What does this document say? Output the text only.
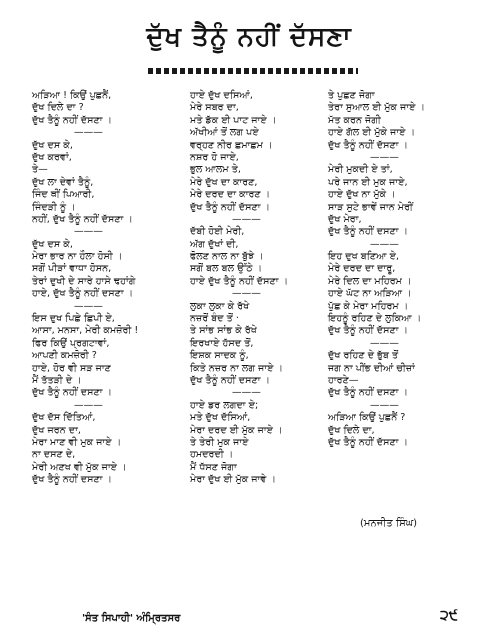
ਦੁੱਖ ਤੈਨੂੰ ਨਹੀਂ ਦੱਸਣਾ
ਅੜਿਆ ! ਕਿਉਂ ਪੁਛਨੈਂ,
ਦੁੱਖ ਦਿਲੇ ਦਾ ?
ਦੁੱਖ ਤੈਨੂੰ ਨਹੀਂ ਦੱਸਣਾ ।
———
ਦੁੱਖ ਦਸ ਕੇ,
ਦੁੱਖ ਕਰਵਾਂ,
ਤੇ—
ਦੁੱਖ ਲਾ ਦੇਵਾਂ ਤੈਨੂੰ,
ਜਿੰਦ ਥੀਂ ਪਿਆਰੀ,
ਜਿੰਦੜੀ ਨੂੰ ।
ਨਹੀਂ, ਦੁੱਖ ਤੈਨੂੰ ਨਹੀਂ ਦੱਸਣਾ ।
———
ਦੁੱਖ ਦਸ ਕੇ,
ਮੇਰਾ ਭਾਰ ਨਾ ਹੌਲਾ ਹੋਸੀ ।
ਸਗੋਂ ਪੀੜਾਂ ਵਾਧਾ ਹੋਸਨ,
ਤੇਰਾਂ ਦੁਖੀ ਦੇ ਸਾਰੇ ਹਾਸੇ ਢਹਾਂਗੇ
ਹਾਏ, ਦੁੱਖ ਤੈਨੂੰ ਨਹੀਂ ਦਸਣਾ ।
———
ਇਸ ਦੁਖ ਪਿਛੇ ਛਿਪੀ ਏ,
ਆਸਾ, ਮਨਸਾ, ਮੇਰੀ ਕਮਜ਼ੋਰੀ !
ਫਿਰ ਕਿਉਂ ਪ੍ਰਗਟਾਵਾਂ,
ਆਪਣੀ ਕਮਜ਼ੋਰੀ ?
ਹਾਏ, ਹੋਰ ਵੀ ਸੜ ਜਾਣ
ਮੈਂ ਤੱਤੜੀ ਦੇ ।
ਦੁੱਖ ਤੈਨੂੰ ਨਹੀਂ ਦਸਣਾ ।
———
ਦੁੱਖ ਦੱਸ ਦਿੱਤਿਆਂ,
ਦੁੱਖ ਜਰਨ ਦਾ,
ਮੇਰਾ ਮਾਣ ਵੀ ਮੁਕ ਜਾਏ ।
ਨਾ ਦਸਣ ਦੇ,
ਮੇਰੀ ਅਣਖ ਵੀ ਮੁੱਕ ਜਾਏ ।
ਦੁੱਖ ਤੈਨੂੰ ਨਹੀਂ ਦਸਣਾ ।
ਹਾਏ ਦੁੱਖ ਦਸਿਆਂ,
ਮੇਰੇ ਸਬਰ ਦਾ,
ਮਤੇ ਡੱਕ ਈ ਪਾਟ ਜਾਏ ।
ਅੱਖੀਆਂ ਤੋਂ ਲਗ ਪਏ
ਵਰ੍ਹਣ ਨੀਰ ਛਮਾਛਮ ।
ਨਸ਼ਰ ਹੋ ਜਾਏ,
ਭੁਲ ਆਲਮ ਤੇ,
ਮੇਰੇ ਦੁੱਖ ਦਾ ਕਾਰਣ,
ਮੇਰੇ ਦਰਦ ਦਾ ਕਾਰਣ ।
ਦੁੱਖ ਤੈਨੂੰ ਨਹੀਂ ਦੱਸਣਾ ।
———
ਦੱਬੀ ਹੋਈ ਮੇਰੀ,
ਅੱਗ ਦੁੱਖਾਂ ਦੀ,
ਫੋਲਣ ਨਾਲ ਨਾ ਬੁੱਝੇ ।
ਸਗੋਂ ਬਲ ਬਲ ਉੱਠੇ ।
ਹਾਏ ਦੁੱਖ ਤੈਨੂੰ ਨਹੀਂ ਦੱਸਣਾ ।
———
ਲੁਕਾ ਲੁਕਾ ਕੇ ਰੱਖੇ
ਨਜ਼ਰੋਂ ਬੰਦ ਤੋਂ ·
ਤੇ ਸਾਂਭ ਸਾਂਭ ਕੇ ਰੱਖੇ
ਇਰਖਾਏ ਹੱਸਦ ਤੋਂ,
ਇਸ਼ਕ ਸਾਦਕ ਨੂੰ,
ਕਿਤੇ ਨਜ਼ਰ ਨਾ ਲਗ ਜਾਏ ।
ਦੁੱਖ ਤੈਨੂੰ ਨਹੀਂ ਦਸਣਾ ।
———
ਹਾਏ ਡਰ ਲਗਦਾ ਏ;
ਮਤੇ ਦੁੱਖ ਦੱਸਿਆਂ,
ਮੇਰਾ ਦਰਦ ਈ ਮੁੱਕ ਜਾਏ ।
ਤੇ ਤੇਰੀ ਮੁਕ ਜਾਏ
ਹਮਦਰਦੀ ।
ਮੈਂ ਧੱਸਣ ਜੋਗਾ
ਮੇਰਾ ਦੁੱਖ ਈ ਮੁੱਕ ਜਾਵੇ ।
ਤੇ ਪੁਛਣ ਜੋਗਾ
ਤੇਰਾ ਸੁਆਲ ਈ ਮੁੱਕ ਜਾਏ ।
ਮੱਤ ਕਰਨ ਜੋਗੀ
ਹਾਏ ਗੱਲ ਈ ਮੁੱਕੇ ਜਾਏ ।
ਦੁੱਖ ਤੈਨੂੰ ਨਹੀਂ ਦੱਸਣਾ ।
———
ਮੇਰੀ ਮੁਕਦੀ ਏ ਤਾਂ,
ਪਰੇ ਜਾਨ ਈ ਮੁਕ ਜਾਏ,
ਹਾਏ ਦੁੱਖ ਨਾ ਮੁੱਕੇ ।
ਸਾੜ ਸੁਟੇ ਭਾਵੇਂ ਜਾਨ ਮੇਰੀਂ
ਦੁੱਖ ਮੇਰਾ,
ਦੁੱਖ ਤੈਨੂੰ ਨਹੀਂ ਦਸਣਾ ।
———
ਇਹ ਦੁਖ ਬਣਿਆ ਏ,
ਮੇਰੇ ਦਰਦ ਦਾ ਦਾਰੂ,
ਮੇਰੇ ਦਿਲ ਦਾ ਮਹਿਰਮ ।
ਹਾਏ ਘੱਟ ਨਾ ਅੜਿਆ ।
ਪੁੱਛ ਕੇ ਮੇਰਾ ਮਹਿਰਮ ।
ਇਹਨੂੰ ਰਹਿਣ ਦੇ ਲੁਕਿਆ ।
ਦੁੱਖ ਤੈਨੂੰ ਨਹੀਂ ਦੱਸਣਾ ।
———
ਦੁੱਖ ਰਹਿਣ ਦੇ ਭੁੱਬ ਤੋਂ
ਜਗ ਨਾ ਪੀਂਭ ਦੀਆਂ ਚੀਜ਼ਾਂ
ਹਾਰਣੇ—
ਦੁੱਖ ਤੈਨੂੰ ਨਹੀਂ ਦਸਣਾ ।
———
ਅੜਿਆ ਕਿਉਂ ਪੁਛਨੈਂ ?
ਦੁੱਖ ਦਿਲੇ ਦਾ,
ਦੁੱਖ ਤੈਨੂੰ ਨਹੀਂ ਦੱਸਣਾ ।
(ਮਨਜੀਤ ਸਿੰਘ)
'ਸੰਤ ਸਿਪਾਹੀ' ਅੰਮ੍ਰਿਤਸਰ	੨੯
